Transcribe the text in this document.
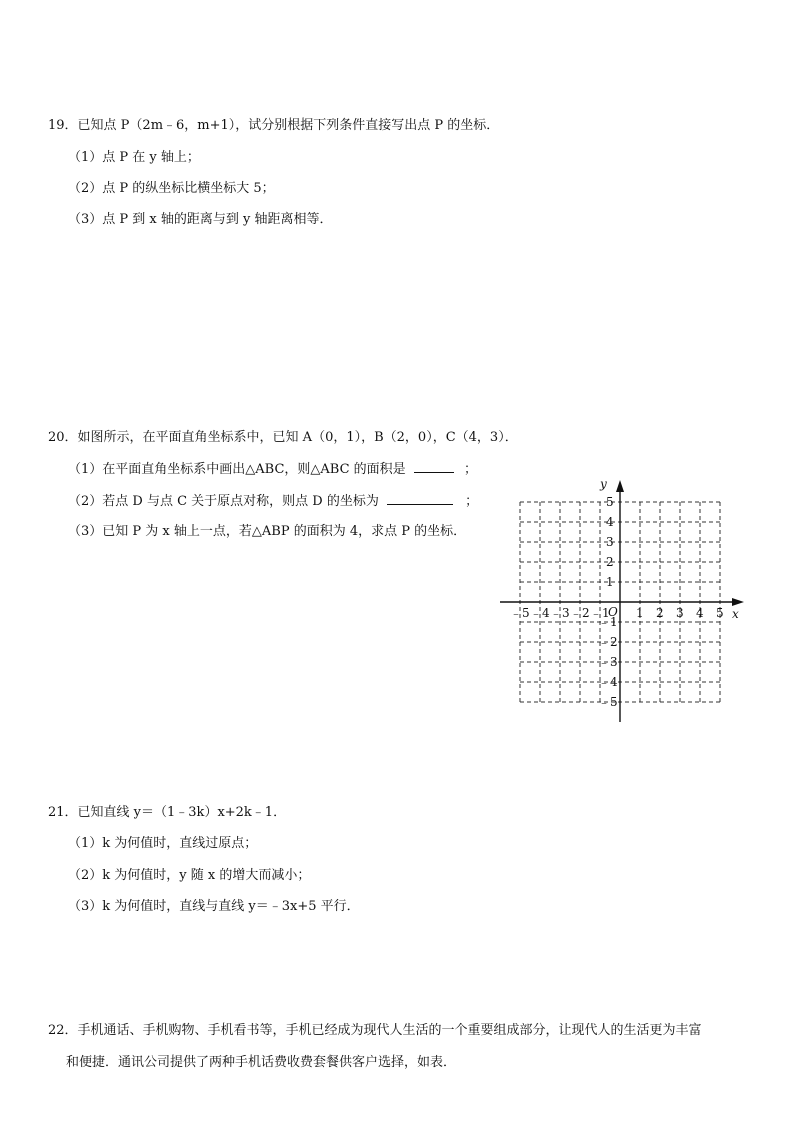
19．已知点 P（2m﹣6，m+1），试分别根据下列条件直接写出点 P 的坐标．
（1）点 P 在 y 轴上；
（2）点 P 的纵坐标比横坐标大 5；
（3）点 P 到 x 轴的距离与到 y 轴距离相等．
20．如图所示，在平面直角坐标系中，已知 A（0，1），B（2，0），C（4，3）．
（1）在平面直角坐标系中画出△ABC，则△ABC 的面积是	；
（2）若点 D 与点 C 关于原点对称，则点 D 的坐标为	；
（3）已知 P 为 x 轴上一点，若△ABP 的面积为 4，求点 P 的坐标．
x
y
O
﹣5 ﹣4 ﹣3 ﹣2 ﹣1 1 2 3 4 5
5
4
3
2
1
﹣1
﹣2
﹣3
﹣4
﹣5
21．已知直线 y＝（1﹣3k）x+2k﹣1．
（1）k 为何值时，直线过原点；
（2）k 为何值时，y 随 x 的增大而减小；
（3）k 为何值时，直线与直线 y＝﹣3x+5 平行．
22．手机通话、手机购物、手机看书等，手机已经成为现代人生活的一个重要组成部分，让现代人的生活更为丰富
和便捷．通讯公司提供了两种手机话费收费套餐供客户选择，如表．
